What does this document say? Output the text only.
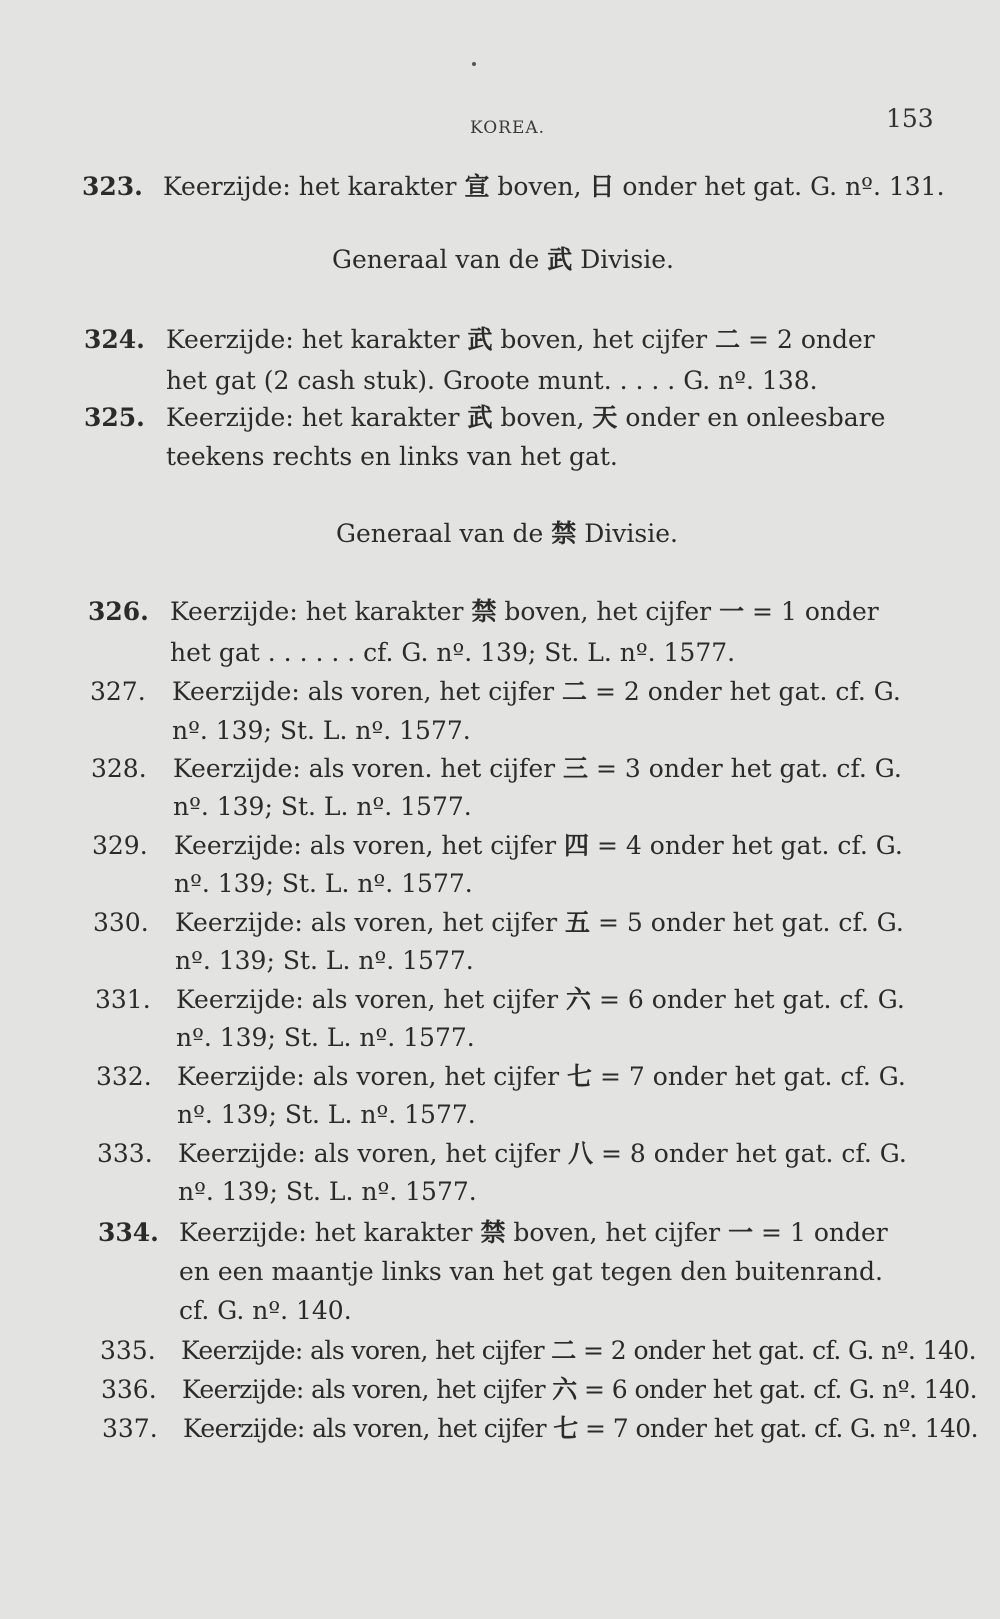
KOREA.	153
323. Keerzijde: het karakter 宣 boven, 日 onder het gat. G. nº. 131.
Generaal van de 武 Divisie.
324. Keerzijde: het karakter 武 boven, het cijfer 二 = 2 onder
het gat (2 cash stuk). Groote munt. . . . . G. nº. 138.
325. Keerzijde: het karakter 武 boven, 天 onder en onleesbare
teekens rechts en links van het gat.
Generaal van de 禁 Divisie.
326. Keerzijde: het karakter 禁 boven, het cijfer 一 = 1 onder
het gat . . . . . . cf. G. nº. 139; St. L. nº. 1577.
327.	Keerzijde: als voren, het cijfer 二 = 2 onder het gat. cf. G.
nº. 139; St. L. nº. 1577.
328.	Keerzijde: als voren. het cijfer 三 = 3 onder het gat. cf. G.
nº. 139; St. L. nº. 1577.
329.	Keerzijde: als voren, het cijfer 四 = 4 onder het gat. cf. G.
nº. 139; St. L. nº. 1577.
330.	Keerzijde: als voren, het cijfer 五 = 5 onder het gat. cf. G.
nº. 139; St. L. nº. 1577.
331.	Keerzijde: als voren, het cijfer 六 = 6 onder het gat. cf. G.
nº. 139; St. L. nº. 1577.
332.	Keerzijde: als voren, het cijfer 七 = 7 onder het gat. cf. G.
nº. 139; St. L. nº. 1577.
333.	Keerzijde: als voren, het cijfer 八 = 8 onder het gat. cf. G.
nº. 139; St. L. nº. 1577.
334. Keerzijde: het karakter 禁 boven, het cijfer 一 = 1 onder
en een maantje links van het gat tegen den buitenrand.
cf. G. nº. 140.
335.	Keerzijde: als voren, het cijfer 二 = 2 onder het gat. cf. G. nº. 140.
336.	Keerzijde: als voren, het cijfer 六 = 6 onder het gat. cf. G. nº. 140.
337.	Keerzijde: als voren, het cijfer 七 = 7 onder het gat. cf. G. nº. 140.
